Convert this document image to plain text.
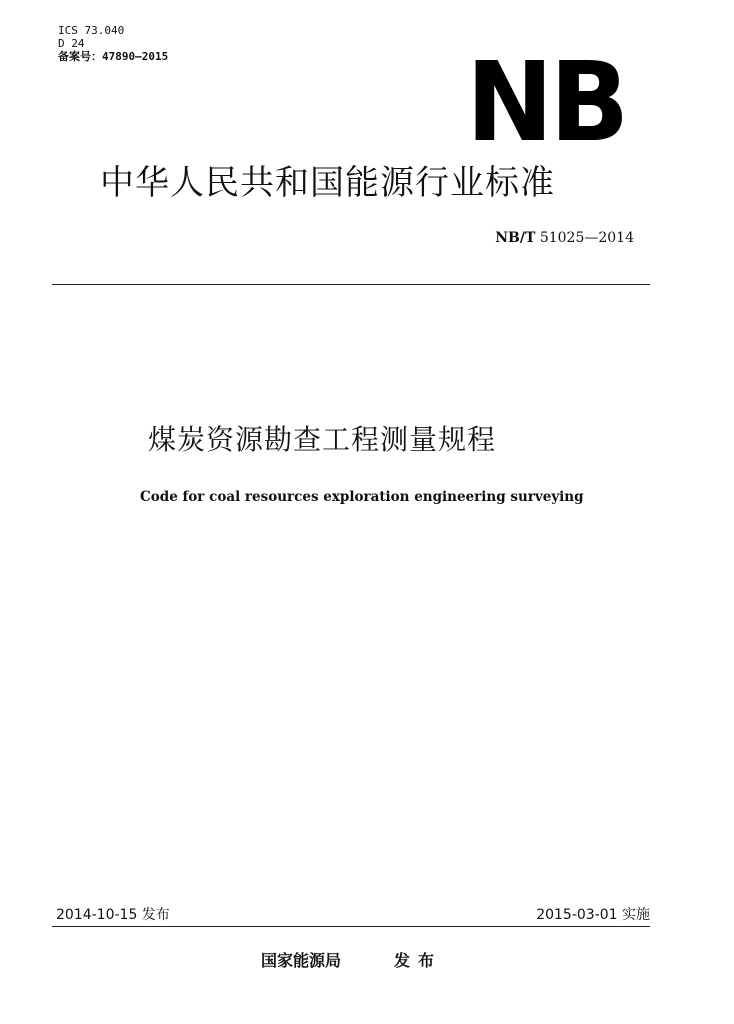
ICS 73.040
D 24
备案号：47890—2015	NB
中华人民共和国能源行业标准
NB/T 51025—2014
煤炭资源勘查工程测量规程
Code for coal resources exploration engineering surveying
2014-10-15 发布	2015-03-01 实施
国家能源局	发布
